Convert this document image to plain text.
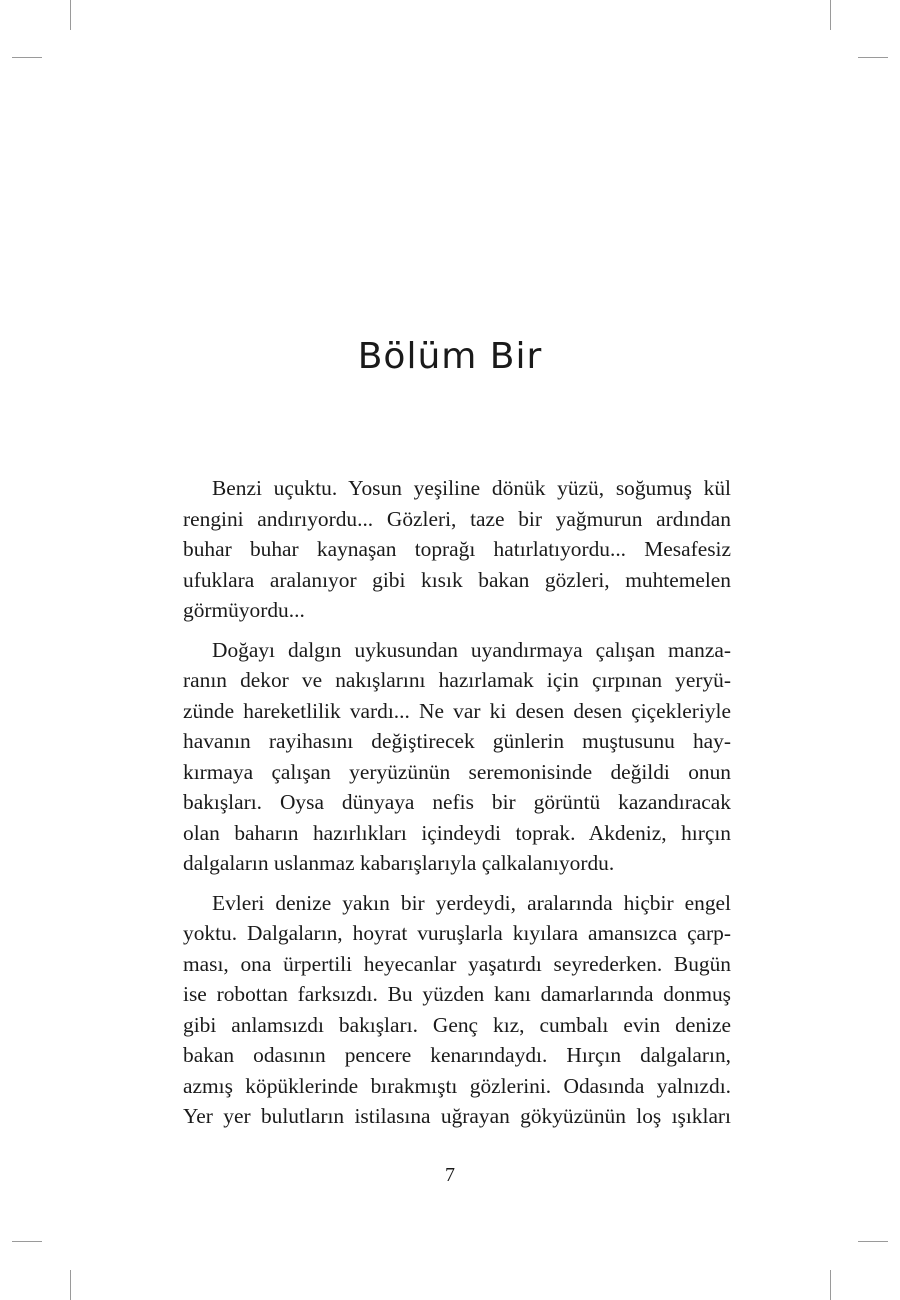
Bölüm Bir

Benzi uçuktu. Yosun yeşiline dönük yüzü, soğumuş kül
rengini andırıyordu... Gözleri, taze bir yağmurun ardından
buhar buhar kaynaşan toprağı hatırlatıyordu... Mesafesiz
ufuklara aralanıyor gibi kısık bakan gözleri, muhtemelen
görmüyordu...

Doğayı dalgın uykusundan uyandırmaya çalışan manza-
ranın dekor ve nakışlarını hazırlamak için çırpınan yeryü-
zünde hareketlilik vardı... Ne var ki desen desen çiçekleriyle
havanın rayihasını değiştirecek günlerin muştusunu hay-
kırmaya çalışan yeryüzünün seremonisinde değildi onun
bakışları. Oysa dünyaya nefis bir görüntü kazandıracak
olan baharın hazırlıkları içindeydi toprak. Akdeniz, hırçın
dalgaların uslanmaz kabarışlarıyla çalkalanıyordu.

Evleri denize yakın bir yerdeydi, aralarında hiçbir engel
yoktu. Dalgaların, hoyrat vuruşlarla kıyılara amansızca çarp-
ması, ona ürpertili heyecanlar yaşatırdı seyrederken. Bugün
ise robottan farksızdı. Bu yüzden kanı damarlarında donmuş
gibi anlamsızdı bakışları. Genç kız, cumbalı evin denize
bakan odasının pencere kenarındaydı. Hırçın dalgaların,
azmış köpüklerinde bırakmıştı gözlerini. Odasında yalnızdı.
Yer yer bulutların istilasına uğrayan gökyüzünün loş ışıkları

7
